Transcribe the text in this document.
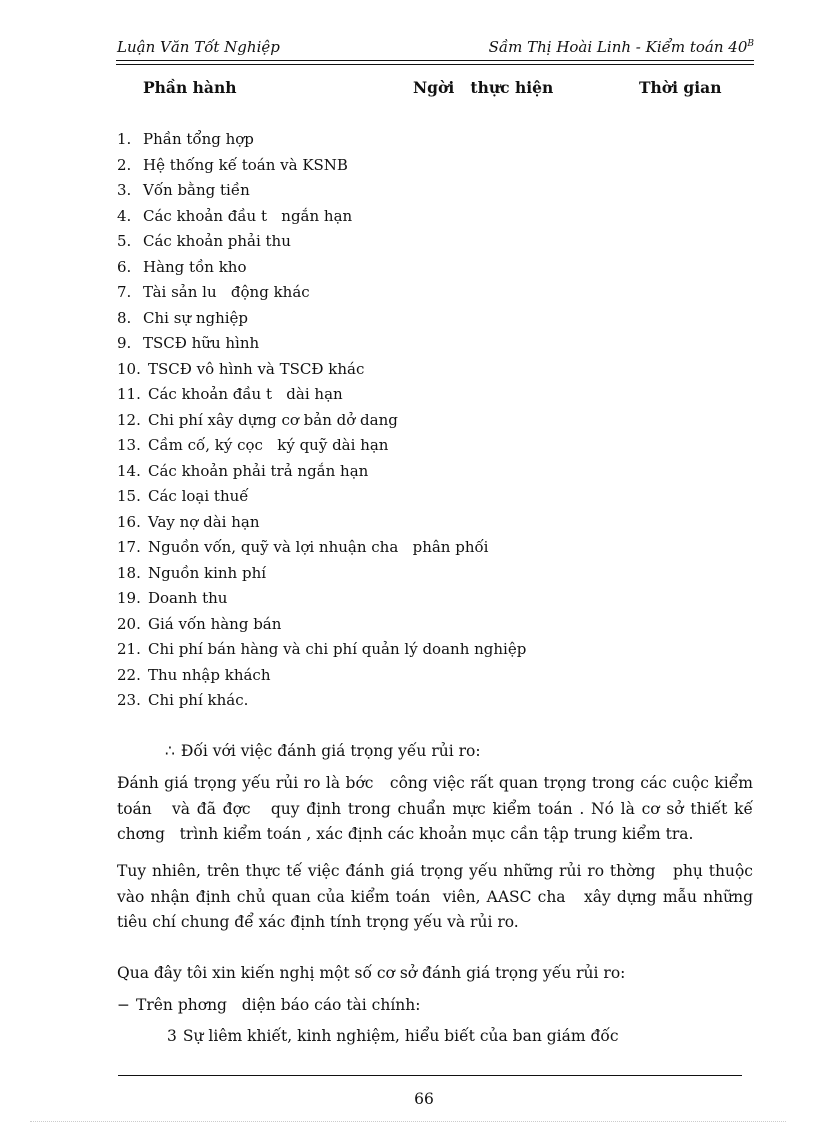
Luận Văn Tốt Nghiệp	Sầm Thị Hoài Linh - Kiểm toán $40^B$
Phần hành	Ngời   thực hiện	Thời gian
1. Phần tổng hợp
2. Hệ thống kế toán và KSNB
3. Vốn bằng tiền
4. Các khoản đầu t   ngắn hạn
5. Các khoản phải thu
6. Hàng tồn kho
7. Tài sản lu   động khác
8. Chi sự nghiệp
9. TSCĐ hữu hình
10. TSCĐ vô hình và TSCĐ khác
11. Các khoản đầu t   dài hạn
12. Chi phí xây dựng cơ bản dở dang
13. Cầm cố, ký cọc   ký quỹ dài hạn
14. Các khoản phải trả ngắn hạn
15. Các loại thuế
16. Vay nợ dài hạn
17. Nguồn vốn, quỹ và lợi nhuận cha   phân phối
18. Nguồn kinh phí
19. Doanh thu
20. Giá vốn hàng bán
21. Chi phí bán hàng và chi phí quản lý doanh nghiệp
22. Thu nhập khách
23. Chi phí khác.
∴ Đối với việc đánh giá trọng yếu rủi ro:
Đánh giá trọng yếu rủi ro là bớc   công việc rất quan trọng trong các cuộc kiểm toán   và đã đợc   quy định trong chuẩn mực kiểm toán . Nó là cơ sở thiết kế chơng   trình kiểm toán , xác định các khoản mục cần tập trung kiểm tra.
Tuy nhiên, trên thực tế việc đánh giá trọng yếu những rủi ro thờng   phụ thuộc vào nhận định chủ quan của kiểm toán  viên, AASC cha   xây dựng mẫu những tiêu chí chung để xác định tính trọng yếu và rủi ro.
Qua đây tôi xin kiến nghị một số cơ sở đánh giá trọng yếu rủi ro:
− Trên phơng   diện báo cáo tài chính:
3 Sự liêm khiết, kinh nghiệm, hiểu biết của ban giám đốc
66
